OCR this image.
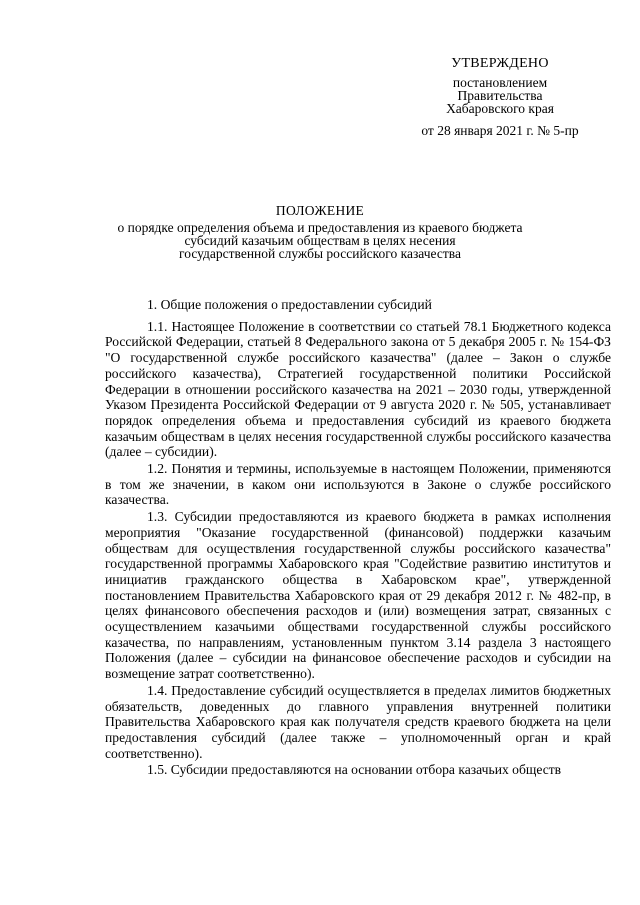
УТВЕРЖДЕНО
постановлением
Правительства
Хабаровского края
от 28 января 2021 г. № 5-пр
ПОЛОЖЕНИЕ
о порядке определения объема и предоставления из краевого бюджета
субсидий казачьим обществам в целях несения
государственной службы российского казачества

1. Общие положения о предоставлении субсидий

1.1. Настоящее Положение в соответствии со статьей 78.1 Бюджетного кодекса Российской Федерации, статьей 8 Федерального закона от 5 декабря 2005 г. № 154-ФЗ "О государственной службе российского казачества" (далее – Закон о службе российского казачества), Стратегией государственной политики Российской Федерации в отношении российского казачества на 2021 – 2030 годы, утвержденной Указом Президента Российской Федерации от 9 августа 2020 г. № 505, устанавливает порядок определения объема и предоставления субсидий из краевого бюджета казачьим обществам в целях несения государственной службы российского казачества (далее – субсидии).

1.2. Понятия и термины, используемые в настоящем Положении, применяются в том же значении, в каком они используются в Законе о службе российского казачества.

1.3. Субсидии предоставляются из краевого бюджета в рамках исполнения мероприятия "Оказание государственной (финансовой) поддержки казачьим обществам для осуществления государственной службы российского казачества" государственной программы Хабаровского края "Содействие развитию институтов и инициатив гражданского общества в Хабаровском крае", утвержденной постановлением Правительства Хабаровского края от 29 декабря 2012 г. № 482-пр, в целях финансового обеспечения расходов и (или) возмещения затрат, связанных с осуществлением казачьими обществами государственной службы российского казачества, по направлениям, установленным пунктом 3.14 раздела 3 настоящего Положения (далее – субсидии на финансовое обеспечение расходов и субсидии на возмещение затрат соответственно).

1.4. Предоставление субсидий осуществляется в пределах лимитов бюджетных обязательств, доведенных до главного управления внутренней политики Правительства Хабаровского края как получателя средств краевого бюджета на цели предоставления субсидий (далее также – уполномоченный орган и край соответственно).

1.5. Субсидии предоставляются на основании отбора казачьих обществ
